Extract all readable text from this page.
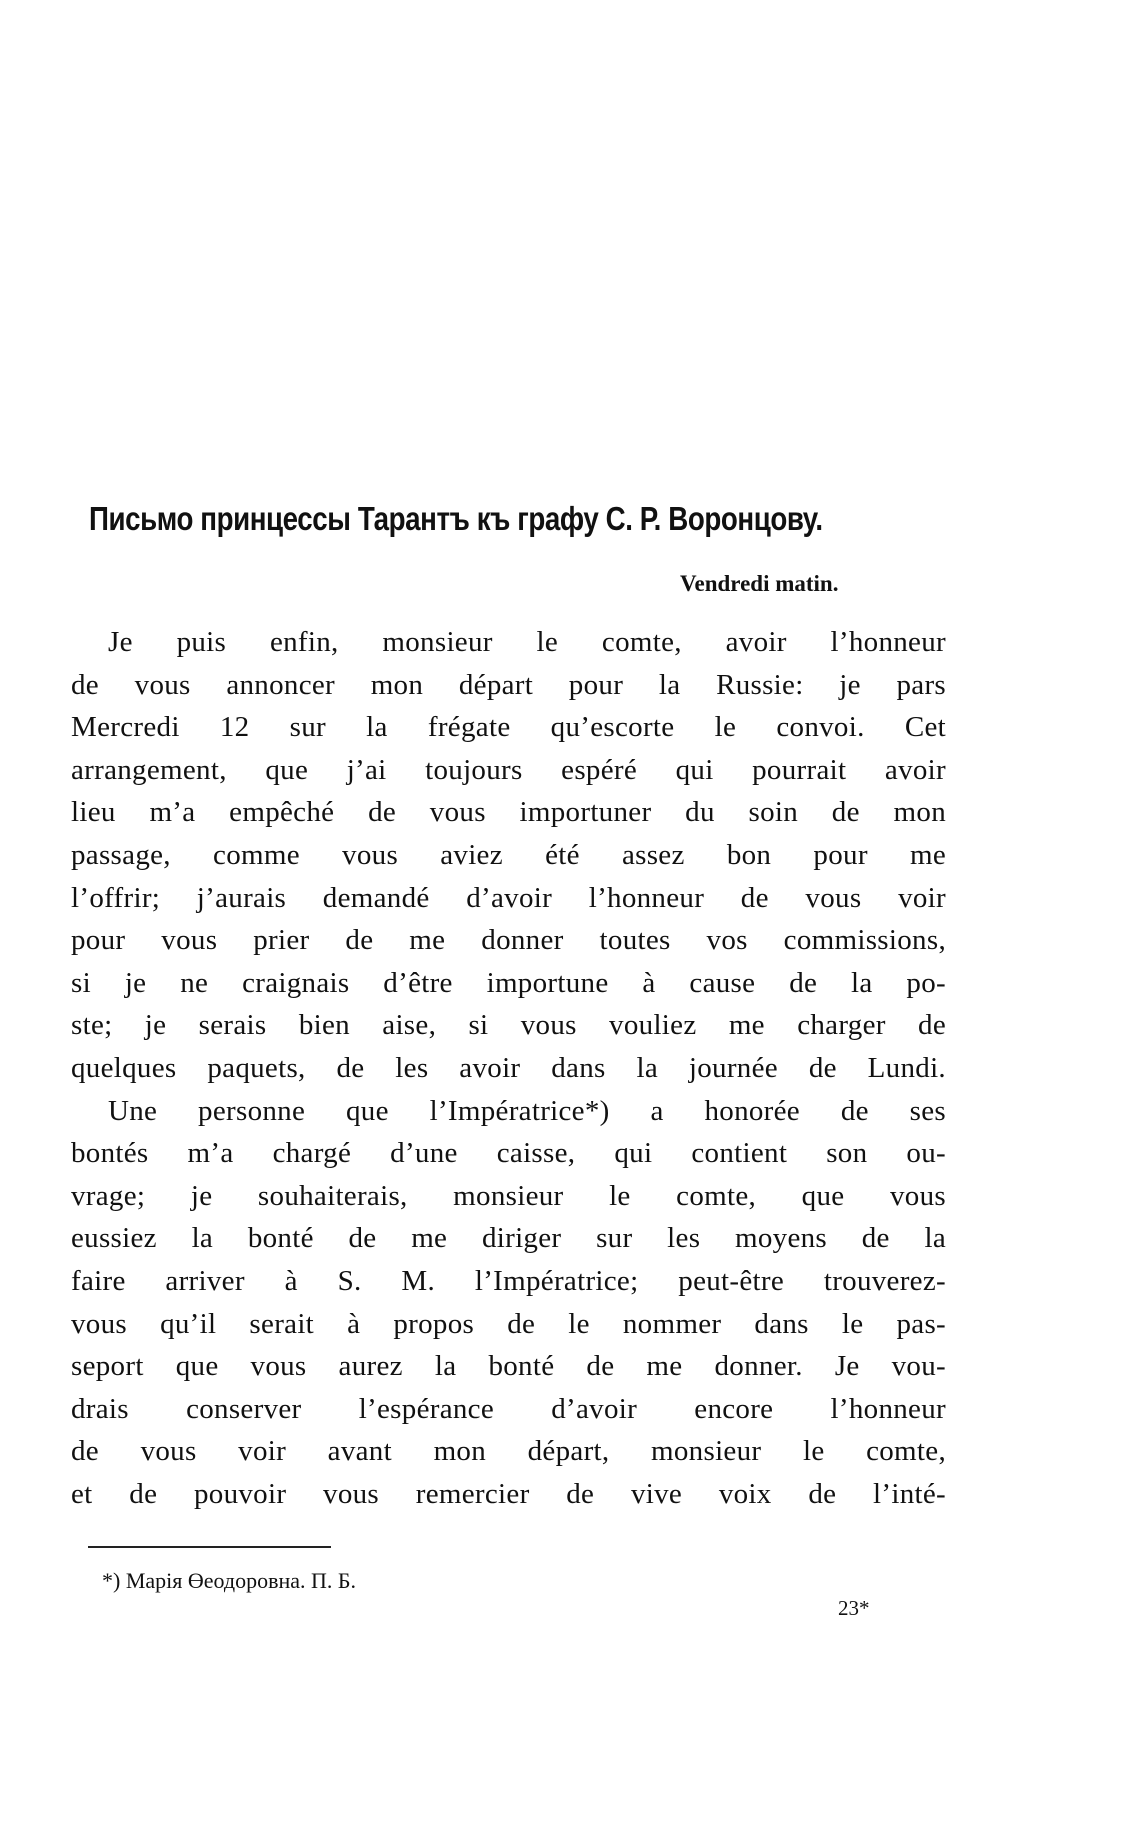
Письмо принцессы Тарантъ къ графу С. Р. Воронцову.
Vendredi matin.
Je puis enfin, monsieur le comte, avoir l’honneur
de vous annoncer mon départ pour la Russie: je pars
Mercredi 12 sur la frégate qu’escorte le convoi. Cet
arrangement, que j’ai toujours espéré qui pourrait avoir
lieu m’a empêché de vous importuner du soin de mon
passage, comme vous aviez été assez bon pour me
l’offrir; j’aurais demandé d’avoir l’honneur de vous voir
pour vous prier de me donner toutes vos commissions,
si je ne craignais d’être importune à cause de la po-
ste; je serais bien aise, si vous vouliez me charger de
quelques paquets, de les avoir dans la journée de Lundi.
Une personne que l’Impératrice*) a honorée de ses
bontés m’a chargé d’une caisse, qui contient son ou-
vrage; je souhaiterais, monsieur le comte, que vous
eussiez la bonté de me diriger sur les moyens de la
faire arriver à S. M. l’Impératrice; peut-être trouverez-
vous qu’il serait à propos de le nommer dans le pas-
seport que vous aurez la bonté de me donner. Je vou-
drais conserver l’espérance d’avoir encore l’honneur
de vous voir avant mon départ, monsieur le comte,
et de pouvoir vous remercier de vive voix de l’inté-
*) Марія Өеодоровна. П. Б.
23*
